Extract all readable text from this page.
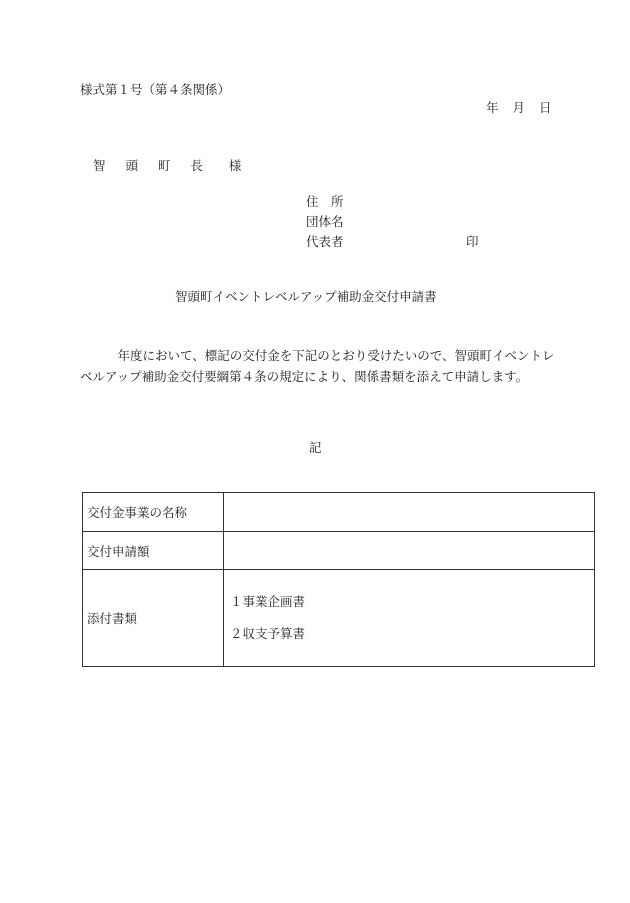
様式第１号（第４条関係）
年 月 日
智 頭 町 長 様
住　所
団体名
代表者	印
智頭町イベントレベルアップ補助金交付申請書

　　　年度において、標記の交付金を下記のとおり受けたいので、智頭町イベントレベルアップ補助金交付要綱第４条の規定により、関係書類を添えて申請します。

記
交付金事業の名称	
交付申請額	
添付書類	１事業企画書
２収支予算書
